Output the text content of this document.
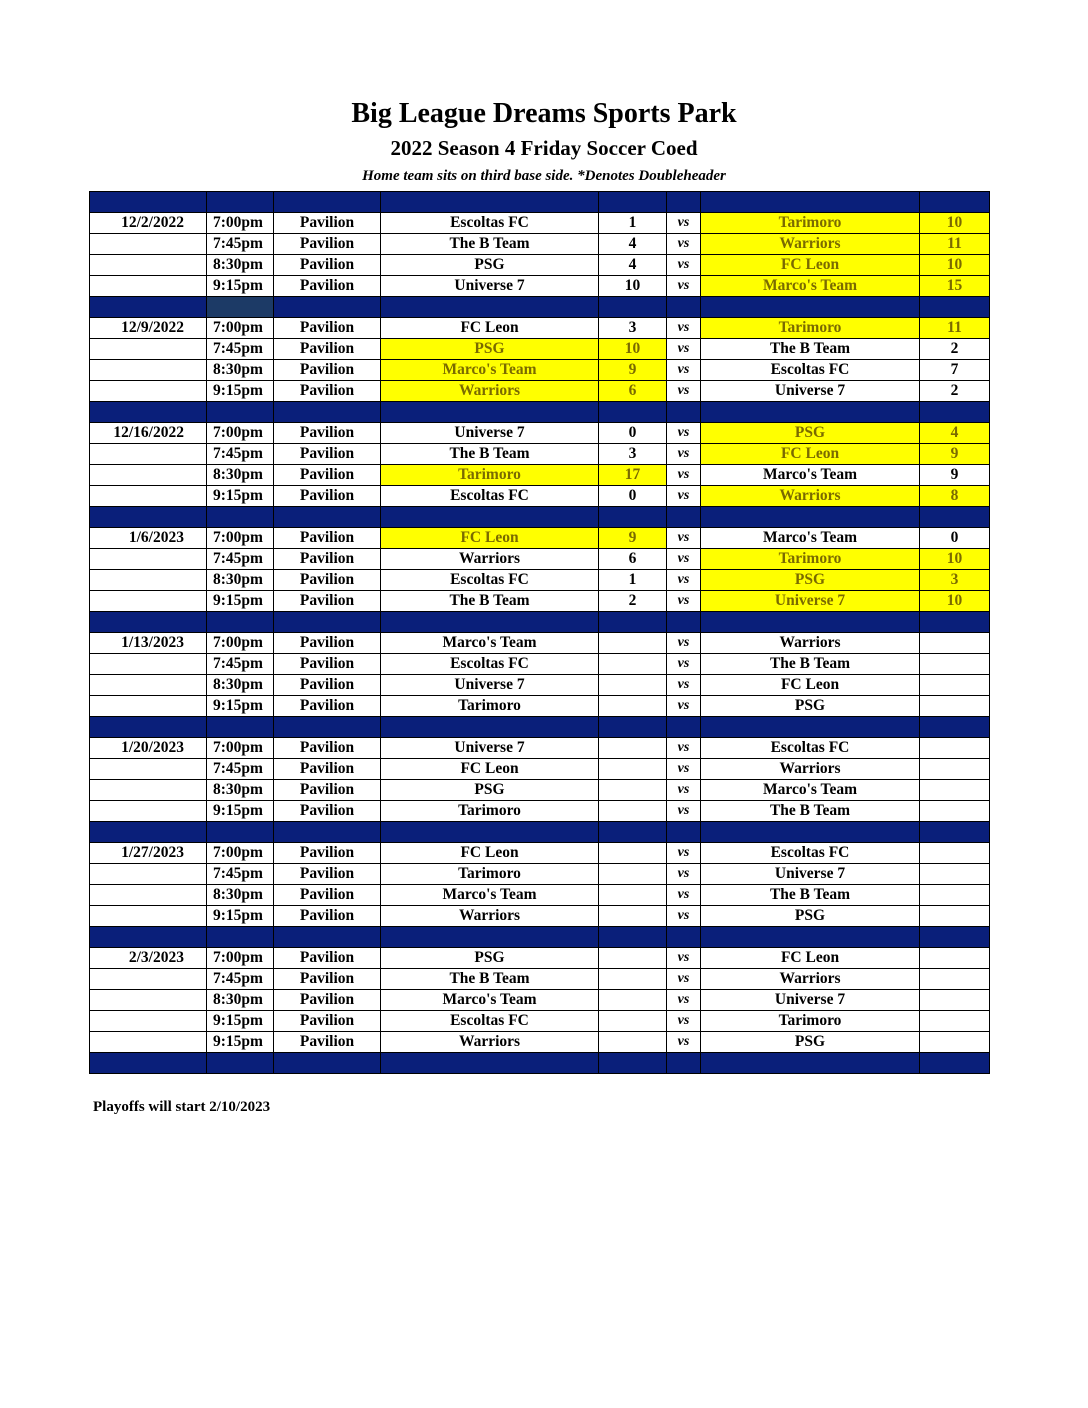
Big League Dreams Sports Park
2022 Season 4 Friday Soccer Coed
Home team sits on third base side. *Denotes Doubleheader

12/2/2022	7:00pm	Pavilion	Escoltas FC	1	vs	Tarimoro	10
	7:45pm	Pavilion	The B Team	4	vs	Warriors	11
	8:30pm	Pavilion	PSG	4	vs	FC Leon	10
	9:15pm	Pavilion	Universe 7	10	vs	Marco's Team	15

12/9/2022	7:00pm	Pavilion	FC Leon	3	vs	Tarimoro	11
	7:45pm	Pavilion	PSG	10	vs	The B Team	2
	8:30pm	Pavilion	Marco's Team	9	vs	Escoltas FC	7
	9:15pm	Pavilion	Warriors	6	vs	Universe 7	2

12/16/2022	7:00pm	Pavilion	Universe 7	0	vs	PSG	4
	7:45pm	Pavilion	The B Team	3	vs	FC Leon	9
	8:30pm	Pavilion	Tarimoro	17	vs	Marco's Team	9
	9:15pm	Pavilion	Escoltas FC	0	vs	Warriors	8

1/6/2023	7:00pm	Pavilion	FC Leon	9	vs	Marco's Team	0
	7:45pm	Pavilion	Warriors	6	vs	Tarimoro	10
	8:30pm	Pavilion	Escoltas FC	1	vs	PSG	3
	9:15pm	Pavilion	The B Team	2	vs	Universe 7	10

1/13/2023	7:00pm	Pavilion	Marco's Team		vs	Warriors	
	7:45pm	Pavilion	Escoltas FC		vs	The B Team	
	8:30pm	Pavilion	Universe 7		vs	FC Leon	
	9:15pm	Pavilion	Tarimoro		vs	PSG	

1/20/2023	7:00pm	Pavilion	Universe 7		vs	Escoltas FC	
	7:45pm	Pavilion	FC Leon		vs	Warriors	
	8:30pm	Pavilion	PSG		vs	Marco's Team	
	9:15pm	Pavilion	Tarimoro		vs	The B Team	

1/27/2023	7:00pm	Pavilion	FC Leon		vs	Escoltas FC	
	7:45pm	Pavilion	Tarimoro		vs	Universe 7	
	8:30pm	Pavilion	Marco's Team		vs	The B Team	
	9:15pm	Pavilion	Warriors		vs	PSG	

2/3/2023	7:00pm	Pavilion	PSG		vs	FC Leon	
	7:45pm	Pavilion	The B Team		vs	Warriors	
	8:30pm	Pavilion	Marco's Team		vs	Universe 7	
	9:15pm	Pavilion	Escoltas FC		vs	Tarimoro	
	9:15pm	Pavilion	Warriors		vs	PSG	

Playoffs will start 2/10/2023
